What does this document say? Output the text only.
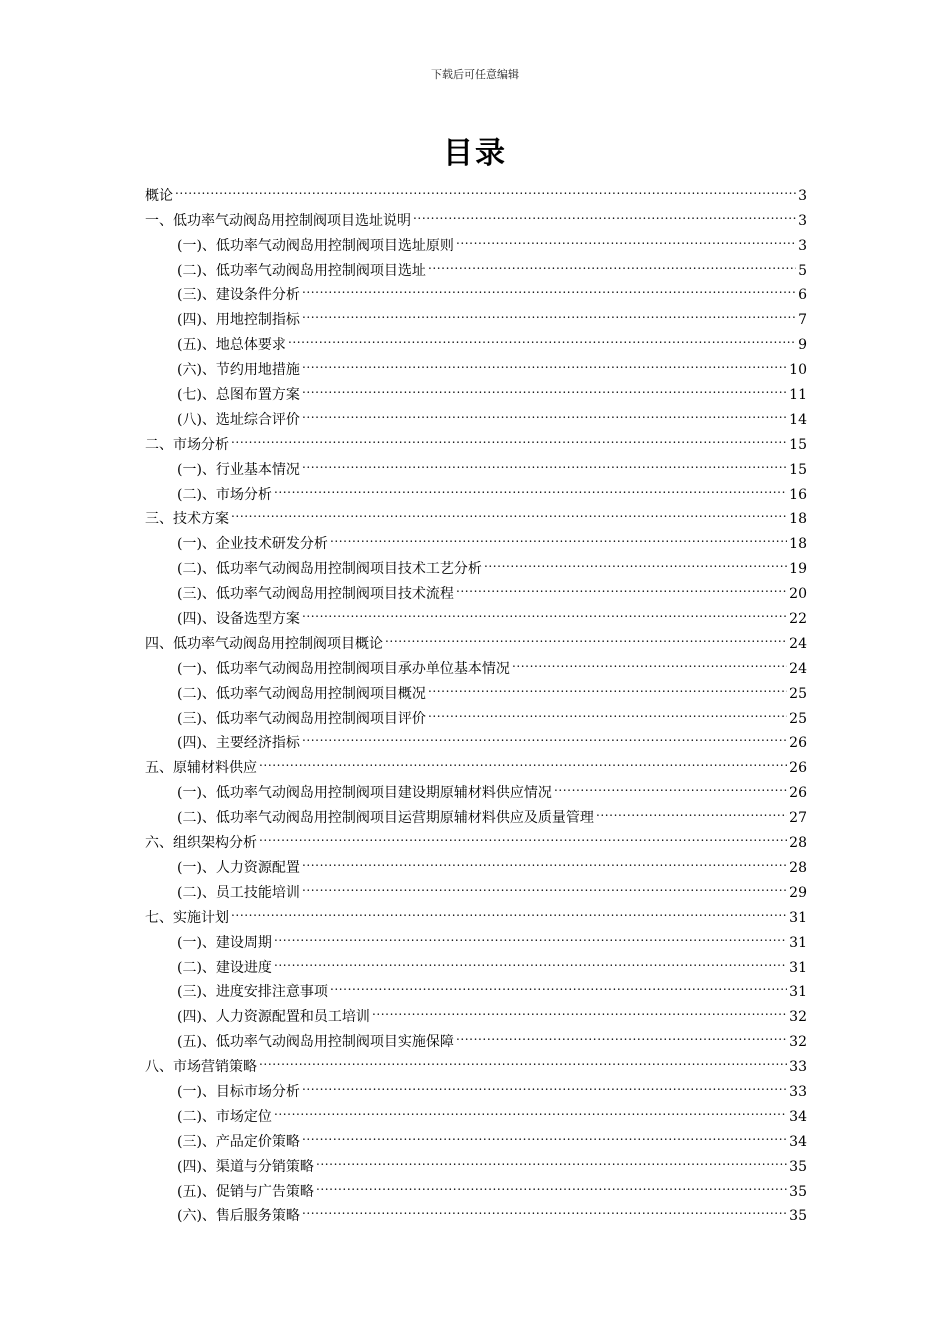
下载后可任意编辑
目录
概论 .....	3
一、低功率气动阀岛用控制阀项目选址说明 .....	3
(一)、低功率气动阀岛用控制阀项目选址原则 .....	3
(二)、低功率气动阀岛用控制阀项目选址 .....	5
(三)、建设条件分析 .....	6
(四)、用地控制指标 .....	7
(五)、地总体要求 .....	9
(六)、节约用地措施 .....	10
(七)、总图布置方案 .....	11
(八)、选址综合评价 .....	14
二、市场分析 .....	15
(一)、行业基本情况 .....	15
(二)、市场分析 .....	16
三、技术方案 .....	18
(一)、企业技术研发分析 .....	18
(二)、低功率气动阀岛用控制阀项目技术工艺分析 .....	19
(三)、低功率气动阀岛用控制阀项目技术流程 .....	20
(四)、设备选型方案 .....	22
四、低功率气动阀岛用控制阀项目概论 .....	24
(一)、低功率气动阀岛用控制阀项目承办单位基本情况 .....	24
(二)、低功率气动阀岛用控制阀项目概况 .....	25
(三)、低功率气动阀岛用控制阀项目评价 .....	25
(四)、主要经济指标 .....	26
五、原辅材料供应 .....	26
(一)、低功率气动阀岛用控制阀项目建设期原辅材料供应情况 .....	26
(二)、低功率气动阀岛用控制阀项目运营期原辅材料供应及质量管理 .....	27
六、组织架构分析 .....	28
(一)、人力资源配置 .....	28
(二)、员工技能培训 .....	29
七、实施计划 .....	31
(一)、建设周期 .....	31
(二)、建设进度 .....	31
(三)、进度安排注意事项 .....	31
(四)、人力资源配置和员工培训 .....	32
(五)、低功率气动阀岛用控制阀项目实施保障 .....	32
八、市场营销策略 .....	33
(一)、目标市场分析 .....	33
(二)、市场定位 .....	34
(三)、产品定价策略 .....	34
(四)、渠道与分销策略 .....	35
(五)、促销与广告策略 .....	35
(六)、售后服务策略 .....	35
